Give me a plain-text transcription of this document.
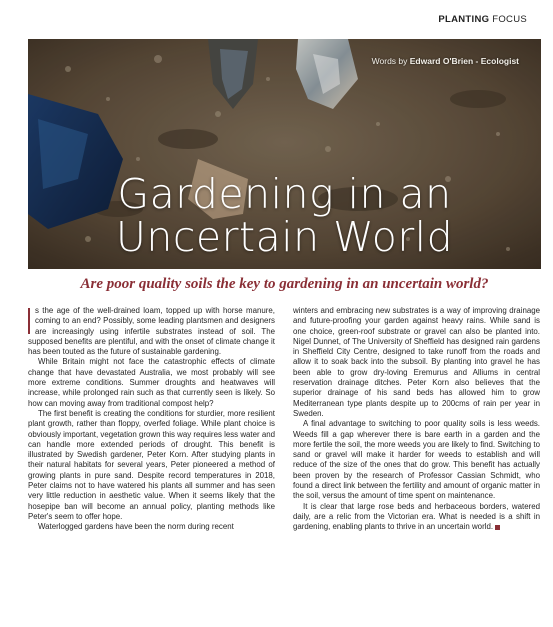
PLANTING FOCUS
Words by Edward O'Brien - Ecologist
Gardening in an
Uncertain World
Are poor quality soils the key to gardening in an uncertain world?

s the age of the well-drained loam, topped up with horse manure, coming to an end? Possibly, some leading plantsmen and designers are increasingly using infertile substrates instead of soil. The supposed benefits are plentiful, and with the onset of climate change it has been touted as the future of sustainable gardening.

While Britain might not face the catastrophic effects of climate change that have devastated Australia, we most probably will see more extreme conditions. Summer droughts and heatwaves will increase, while prolonged rain such as that currently seen is likely. So how can moving away from traditional compost help?

The first benefit is creating the conditions for sturdier, more resilient plant growth, rather than floppy, overfed foliage. While plant choice is obviously important, vegetation grown this way requires less water and can handle more extended periods of drought. This benefit is illustrated by Swedish gardener, Peter Korn. After studying plants in their natural habitats for several years, Peter pioneered a method of growing plants in pure sand. Despite record temperatures in 2018, Peter claims not to have watered his plants all summer and has seen very little reduction in aesthetic value. When it seems likely that the hosepipe ban will become an annual policy, planting methods like Peter's seem to offer hope.

Waterlogged gardens have been the norm during recent

winters and embracing new substrates is a way of improving drainage and future-proofing your garden against heavy rains. While sand is one choice, green-roof substrate or gravel can also be planted into. Nigel Dunnet, of The University of Sheffield has designed rain gardens in Sheffield City Centre, designed to take runoff from the roads and allow it to soak back into the subsoil. By planting into gravel he has been able to grow dry-loving Eremurus and Alliums in central reservation drainage ditches. Peter Korn also believes that the superior drainage of his sand beds has allowed him to grow Mediterranean type plants despite up to 200cms of rain per year in Sweden.

A final advantage to switching to poor quality soils is less weeds. Weeds fill a gap wherever there is bare earth in a garden and the more fertile the soil, the more weeds you are likely to find. Switching to sand or gravel will make it harder for weeds to establish and will reduce of the size of the ones that do grow. This benefit has actually been proven by the research of Professor Cassian Schmidt, who found a direct link between the fertility and amount of organic matter in the soil, versus the amount of time spent on maintenance.

It is clear that large rose beds and herbaceous borders, watered daily, are a relic from the Victorian era. What is needed is a shift in gardening, enabling plants to thrive in an uncertain world.
